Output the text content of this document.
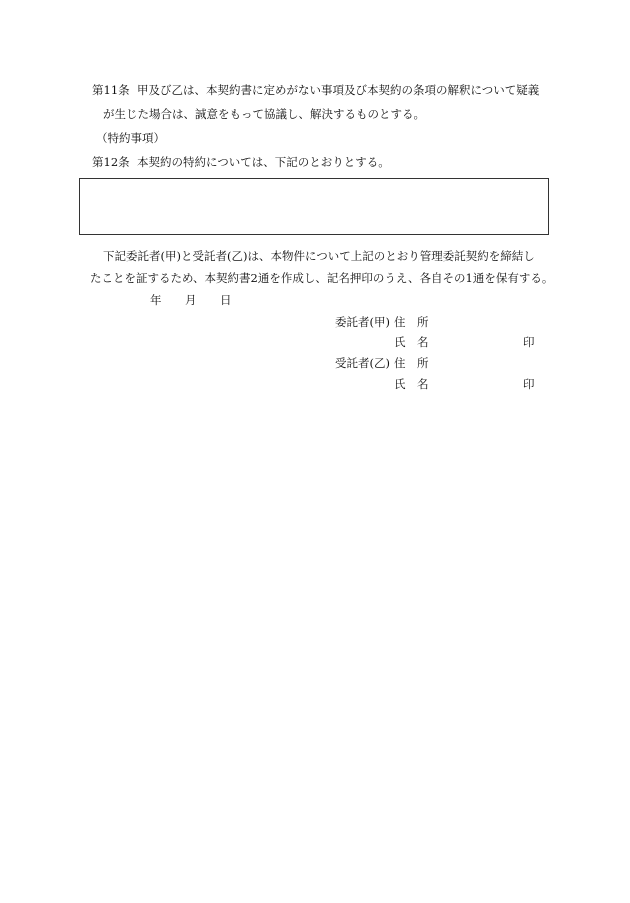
第11条 甲及び乙は、本契約書に定めがない事項及び本契約の条項の解釈について疑義
が生じた場合は、誠意をもって協議し、解決するものとする。
（特約事項）
第12条 本契約の特約については、下記のとおりとする。
下記委託者(甲)と受託者(乙)は、本物件について上記のとおり管理委託契約を締結し
たことを証するため、本契約書2通を作成し、記名押印のうえ、各自その1通を保有する。
年 月 日
委託者(甲) 住　所
氏　名	印
受託者(乙) 住　所
氏　名	印
